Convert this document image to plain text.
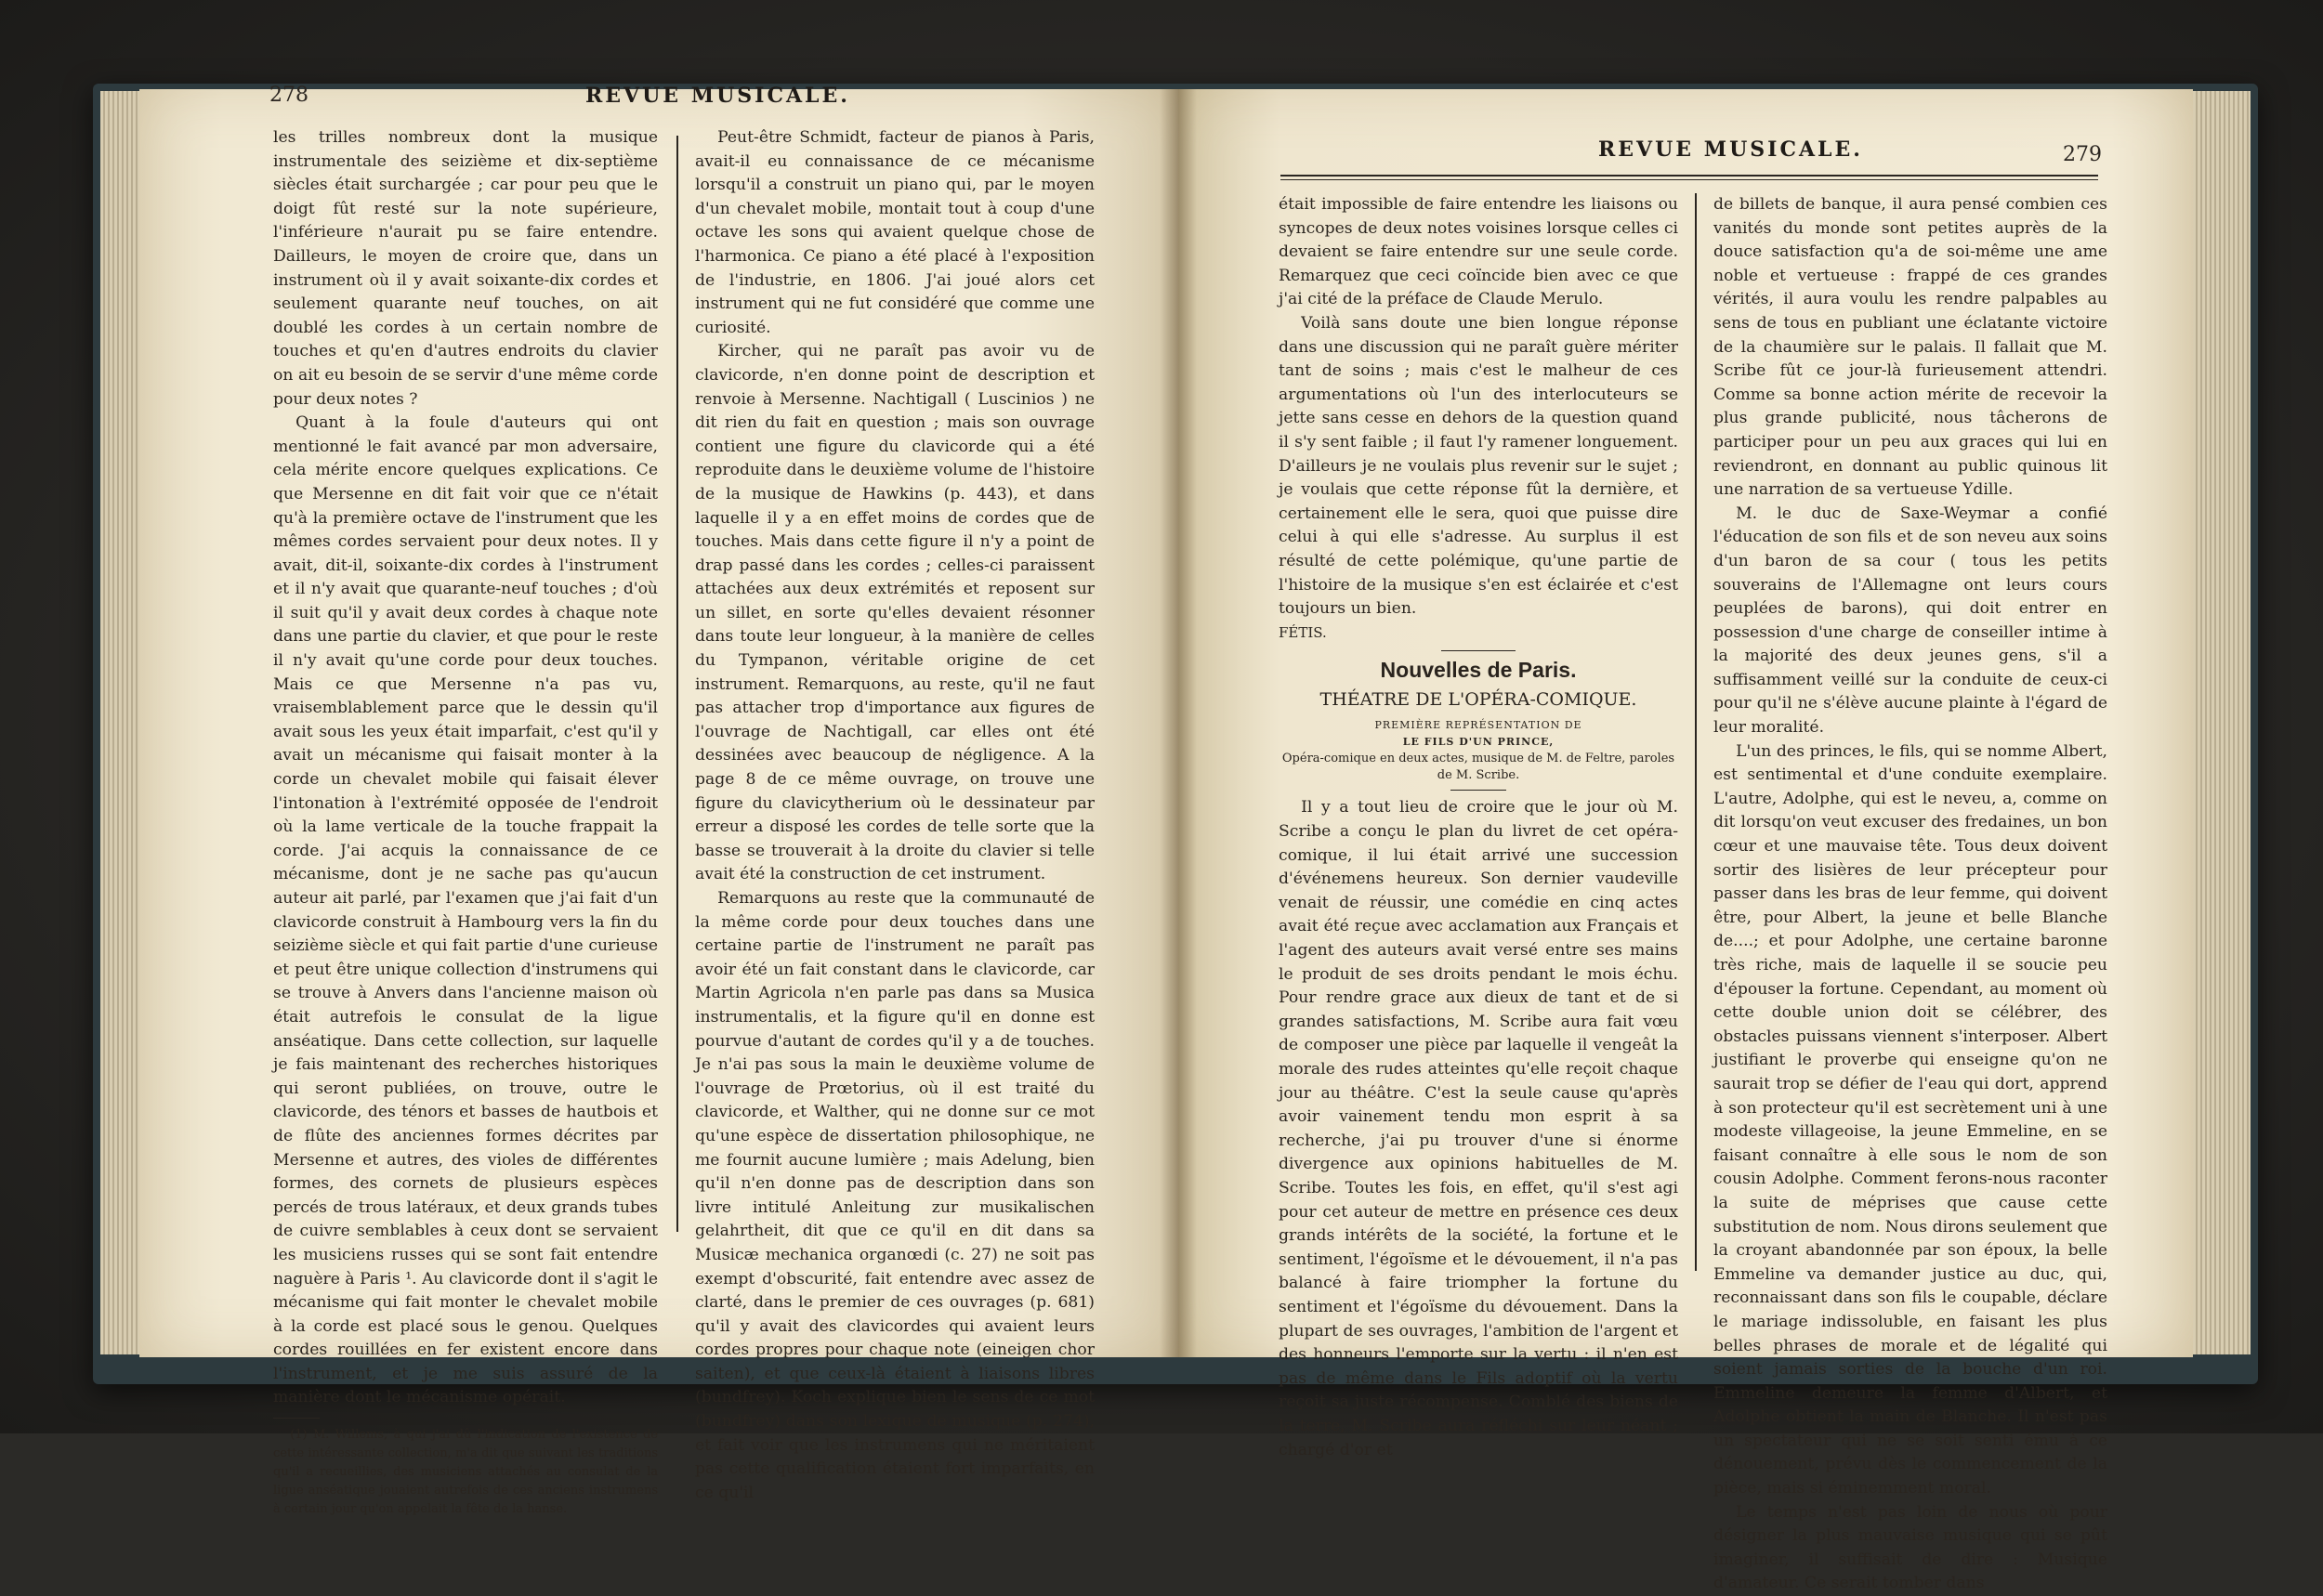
278	REVUE MUSICALE.

les trilles nombreux dont la musique instrumentale des seizième et dix-septième siècles était surchargée ; car pour peu que le doigt fût resté sur la note supérieure, l'inférieure n'aurait pu se faire entendre. Dailleurs, le moyen de croire que, dans un instrument où il y avait soixante-dix cordes et seulement quarante neuf touches, on ait doublé les cordes à un certain nombre de touches et qu'en d'autres endroits du clavier on ait eu besoin de se servir d'une même corde pour deux notes ?

Quant à la foule d'auteurs qui ont mentionné le fait avancé par mon adversaire, cela mérite encore quelques explications. Ce que Mersenne en dit fait voir que ce n'était qu'à la première octave de l'instrument que les mêmes cordes servaient pour deux notes. Il y avait, dit-il, soixante-dix cordes à l'instrument et il n'y avait que quarante-neuf touches ; d'où il suit qu'il y avait deux cordes à chaque note dans une partie du clavier, et que pour le reste il n'y avait qu'une corde pour deux touches. Mais ce que Mersenne n'a pas vu, vraisemblablement parce que le dessin qu'il avait sous les yeux était imparfait, c'est qu'il y avait un mécanisme qui faisait monter à la corde un chevalet mobile qui faisait élever l'intonation à l'extrémité opposée de l'endroit où la lame verticale de la touche frappait la corde. J'ai acquis la connaissance de ce mécanisme, dont je ne sache pas qu'aucun auteur ait parlé, par l'examen que j'ai fait d'un clavicorde construit à Hambourg vers la fin du seizième siècle et qui fait partie d'une curieuse et peut être unique collection d'instrumens qui se trouve à Anvers dans l'ancienne maison où était autrefois le consulat de la ligue anséatique. Dans cette collection, sur laquelle je fais maintenant des recherches historiques qui seront publiées, on trouve, outre le clavicorde, des ténors et basses de hautbois et de flûte des anciennes formes décrites par Mersenne et autres, des violes de différentes formes, des cornets de plusieurs espèces percés de trous latéraux, et deux grands tubes de cuivre semblables à ceux dont se servaient les musiciens russes qui se sont fait entendre naguère à Paris ¹. Au clavicorde dont il s'agit le mécanisme qui fait monter le chevalet mobile à la corde est placé sous le genou. Quelques cordes rouillées en fer existent encore dans l'instrument, et je me suis assuré de la manière dont le mécanisme opérait.

(1) M. Willems, à qui j'ai dû l'indication de l'existence de cette intéressante collection, m'a dit que suivant les traditions qu'il a recueillies, des musiciens attachés au consulat de la ligue anséatique jouaient autrefois de ces anciens instrumens à certain jour qu'on appelait la fête de la hanse.

Peut-être Schmidt, facteur de pianos à Paris, avait-il eu connaissance de ce mécanisme lorsqu'il a construit un piano qui, par le moyen d'un chevalet mobile, montait tout à coup d'une octave les sons qui avaient quelque chose de l'harmonica. Ce piano a été placé à l'exposition de l'industrie, en 1806. J'ai joué alors cet instrument qui ne fut considéré que comme une curiosité.

Kircher, qui ne paraît pas avoir vu de clavicorde, n'en donne point de description et renvoie à Mersenne. Nachtigall ( Luscinios ) ne dit rien du fait en question ; mais son ouvrage contient une figure du clavicorde qui a été reproduite dans le deuxième volume de l'histoire de la musique de Hawkins (p. 443), et dans laquelle il y a en effet moins de cordes que de touches. Mais dans cette figure il n'y a point de drap passé dans les cordes ; celles-ci paraissent attachées aux deux extrémités et reposent sur un sillet, en sorte qu'elles devaient résonner dans toute leur longueur, à la manière de celles du Tympanon, véritable origine de cet instrument. Remarquons, au reste, qu'il ne faut pas attacher trop d'importance aux figures de l'ouvrage de Nachtigall, car elles ont été dessinées avec beaucoup de négligence. A la page 8 de ce même ouvrage, on trouve une figure du clavicytherium où le dessinateur par erreur a disposé les cordes de telle sorte que la basse se trouverait à la droite du clavier si telle avait été la construction de cet instrument.

Remarquons au reste que la communauté de la même corde pour deux touches dans une certaine partie de l'instrument ne paraît pas avoir été un fait constant dans le clavicorde, car Martin Agricola n'en parle pas dans sa Musica instrumentalis, et la figure qu'il en donne est pourvue d'autant de cordes qu'il y a de touches. Je n'ai pas sous la main le deuxième volume de l'ouvrage de Prœtorius, où il est traité du clavicorde, et Walther, qui ne donne sur ce mot qu'une espèce de dissertation philosophique, ne me fournit aucune lumière ; mais Adelung, bien qu'il n'en donne pas de description dans son livre intitulé Anleitung zur musikalischen gelahrtheit, dit que ce qu'il en dit dans sa Musicæ mechanica organœdi (c. 27) ne soit pas exempt d'obscurité, fait entendre avec assez de clarté, dans le premier de ces ouvrages (p. 681) qu'il y avait des clavicordes qui avaient leurs cordes propres pour chaque note (eineigen chor saiten), et que ceux-là étaient à liaisons libres (bundfrey). Koch explique bien le sens de ce mot (bundfrey) dans son lexique de musique (p. 274), et fait voir que les instrumens qui ne méritaient pas cette qualification étaient fort imparfaits, en ce qu'il

REVUE MUSICALE.	279

était impossible de faire entendre les liaisons ou syncopes de deux notes voisines lorsque celles ci devaient se faire entendre sur une seule corde. Remarquez que ceci coïncide bien avec ce que j'ai cité de la préface de Claude Merulo.

Voilà sans doute une bien longue réponse dans une discussion qui ne paraît guère mériter tant de soins ; mais c'est le malheur de ces argumentations où l'un des interlocuteurs se jette sans cesse en dehors de la question quand il s'y sent faible ; il faut l'y ramener longuement. D'ailleurs je ne voulais plus revenir sur le sujet ; je voulais que cette réponse fût la dernière, et certainement elle le sera, quoi que puisse dire celui à qui elle s'adresse. Au surplus il est résulté de cette polémique, qu'une partie de l'histoire de la musique s'en est éclairée et c'est toujours un bien.

FÉTIS.

Nouvelles de Paris.
THÉATRE DE L'OPÉRA-COMIQUE.
PREMIÈRE REPRÉSENTATION DE
LE FILS D'UN PRINCE,
Opéra-comique en deux actes, musique de M. de Feltre, paroles de M. Scribe.

Il y a tout lieu de croire que le jour où M. Scribe a conçu le plan du livret de cet opéra-comique, il lui était arrivé une succession d'événemens heureux. Son dernier vaudeville venait de réussir, une comédie en cinq actes avait été reçue avec acclamation aux Français et l'agent des auteurs avait versé entre ses mains le produit de ses droits pendant le mois échu. Pour rendre grace aux dieux de tant et de si grandes satisfactions, M. Scribe aura fait vœu de composer une pièce par laquelle il vengeât la morale des rudes atteintes qu'elle reçoit chaque jour au théâtre. C'est la seule cause qu'après avoir vainement tendu mon esprit à sa recherche, j'ai pu trouver d'une si énorme divergence aux opinions habituelles de M. Scribe. Toutes les fois, en effet, qu'il s'est agi pour cet auteur de mettre en présence ces deux grands intérêts de la société, la fortune et le sentiment, l'égoïsme et le dévouement, il n'a pas balancé à faire triompher la fortune du sentiment et l'égoïsme du dévouement. Dans la plupart de ses ouvrages, l'ambition de l'argent et des honneurs l'emporte sur la vertu : il n'en est pas de même dans le Fils adoptif où la vertu reçoit sa juste récompense. Comblé des biens de la terre, M. Scribe aura réfléchi sur leur néant ; chargé d'or et

de billets de banque, il aura pensé combien ces vanités du monde sont petites auprès de la douce satisfaction qu'a de soi-même une ame noble et vertueuse : frappé de ces grandes vérités, il aura voulu les rendre palpables au sens de tous en publiant une éclatante victoire de la chaumière sur le palais. Il fallait que M. Scribe fût ce jour-là furieusement attendri. Comme sa bonne action mérite de recevoir la plus grande publicité, nous tâcherons de participer pour un peu aux graces qui lui en reviendront, en donnant au public quinous lit une narration de sa vertueuse Ydille.

M. le duc de Saxe-Weymar a confié l'éducation de son fils et de son neveu aux soins d'un baron de sa cour ( tous les petits souverains de l'Allemagne ont leurs cours peuplées de barons), qui doit entrer en possession d'une charge de conseiller intime à la majorité des deux jeunes gens, s'il a suffisamment veillé sur la conduite de ceux-ci pour qu'il ne s'élève aucune plainte à l'égard de leur moralité.

L'un des princes, le fils, qui se nomme Albert, est sentimental et d'une conduite exemplaire. L'autre, Adolphe, qui est le neveu, a, comme on dit lorsqu'on veut excuser des fredaines, un bon cœur et une mauvaise tête. Tous deux doivent sortir des lisières de leur précepteur pour passer dans les bras de leur femme, qui doivent être, pour Albert, la jeune et belle Blanche de....; et pour Adolphe, une certaine baronne très riche, mais de laquelle il se soucie peu d'épouser la fortune. Cependant, au moment où cette double union doit se célébrer, des obstacles puissans viennent s'interposer. Albert justifiant le proverbe qui enseigne qu'on ne saurait trop se défier de l'eau qui dort, apprend à son protecteur qu'il est secrètement uni à une modeste villageoise, la jeune Emmeline, en se faisant connaître à elle sous le nom de son cousin Adolphe. Comment ferons-nous raconter la suite de méprises que cause cette substitution de nom. Nous dirons seulement que la croyant abandonnée par son époux, la belle Emmeline va demander justice au duc, qui, reconnaissant dans son fils le coupable, déclare le mariage indissoluble, en faisant les plus belles phrases de morale et de légalité qui soient jamais sorties de la bouche d'un roi. Emmeline demeure la femme d'Albert, et Adolphe obtient la main de Blanche. Il n'est pas un spectateur qui ne se soit senti ému à ce dénouement, prévu dès le commencement de la pièce, mais si éminemment moral.

Le temps n'est pas loin de nous où pour désigner la plus mauvaise musique qui se pût imaginer, il suffisait de dire : Musique d'amateur. Ce serait tomber dans
